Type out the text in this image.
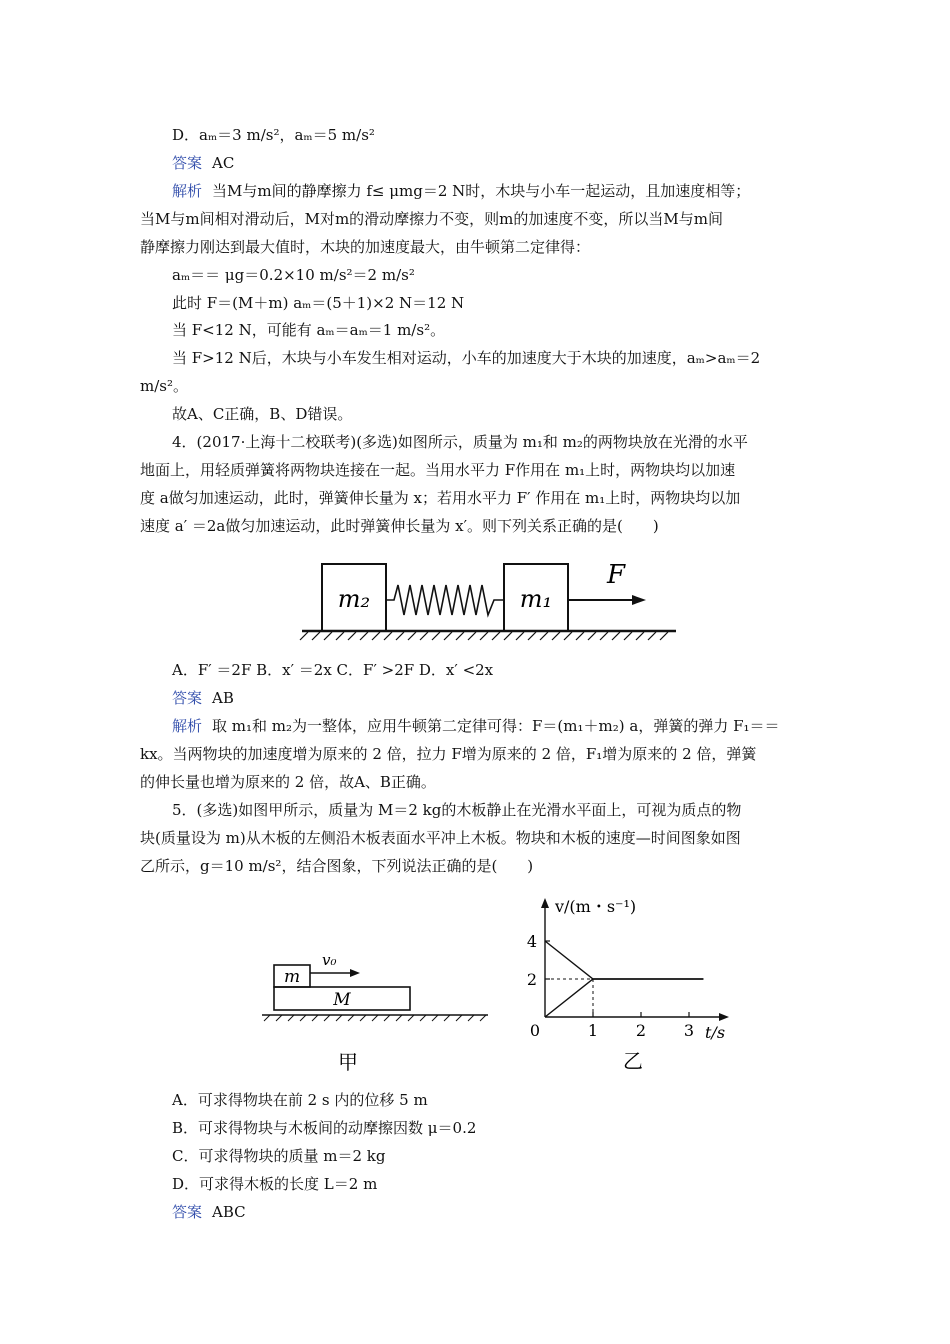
D．aₘ＝3 m/s²，aₘ＝5 m/s²
答案 AC
解析 当M与m间的静摩擦力 f≤ μmg＝2 N时，木块与小车一起运动，且加速度相等；
当M与m间相对滑动后，M对m的滑动摩擦力不变，则m的加速度不变，所以当M与m间
静摩擦力刚达到最大值时，木块的加速度最大，由牛顿第二定律得：
aₘ＝＝ μg＝0.2×10 m/s²＝2 m/s²
此时 F＝(M＋m) aₘ＝(5＋1)×2 N＝12 N
当 F<12 N，可能有 aₘ＝aₘ＝1 m/s²。
当 F>12 N后，木块与小车发生相对运动，小车的加速度大于木块的加速度，aₘ>aₘ＝2
m/s²。
故A、C正确，B、D错误。
4．(2017·上海十二校联考)(多选)如图所示，质量为 m₁和 m₂的两物块放在光滑的水平
地面上，用轻质弹簧将两物块连接在一起。当用水平力 F作用在 m₁上时，两物块均以加速
度 a做匀加速运动，此时，弹簧伸长量为 x；若用水平力 F′ 作用在 m₁上时，两物块均以加
速度 a′ ＝2a做匀加速运动，此时弹簧伸长量为 x′。则下列关系正确的是(　　)
m₂	m₁
F
A．F′ ＝2F B．x′ ＝2x C．F′ >2F D．x′ <2x
答案 AB
解析 取 m₁和 m₂为一整体，应用牛顿第二定律可得：F＝(m₁＋m₂) a，弹簧的弹力 F₁＝＝
kx。当两物块的加速度增为原来的 2 倍，拉力 F增为原来的 2 倍，F₁增为原来的 2 倍，弹簧
的伸长量也增为原来的 2 倍，故A、B正确。
5．(多选)如图甲所示，质量为 M＝2 kg的木板静止在光滑水平面上，可视为质点的物
块(质量设为 m)从木板的左侧沿木板表面水平冲上木板。物块和木板的速度—时间图象如图
乙所示，g＝10 m/s²，结合图象，下列说法正确的是(　　)
m
M
v₀
甲
v/(m・s⁻¹)
t/s
0
乙
1 2 3
2
4
A．可求得物块在前 2 s 内的位移 5 m
B．可求得物块与木板间的动摩擦因数 μ＝0.2
C．可求得物块的质量 m＝2 kg
D．可求得木板的长度 L＝2 m
答案 ABC
